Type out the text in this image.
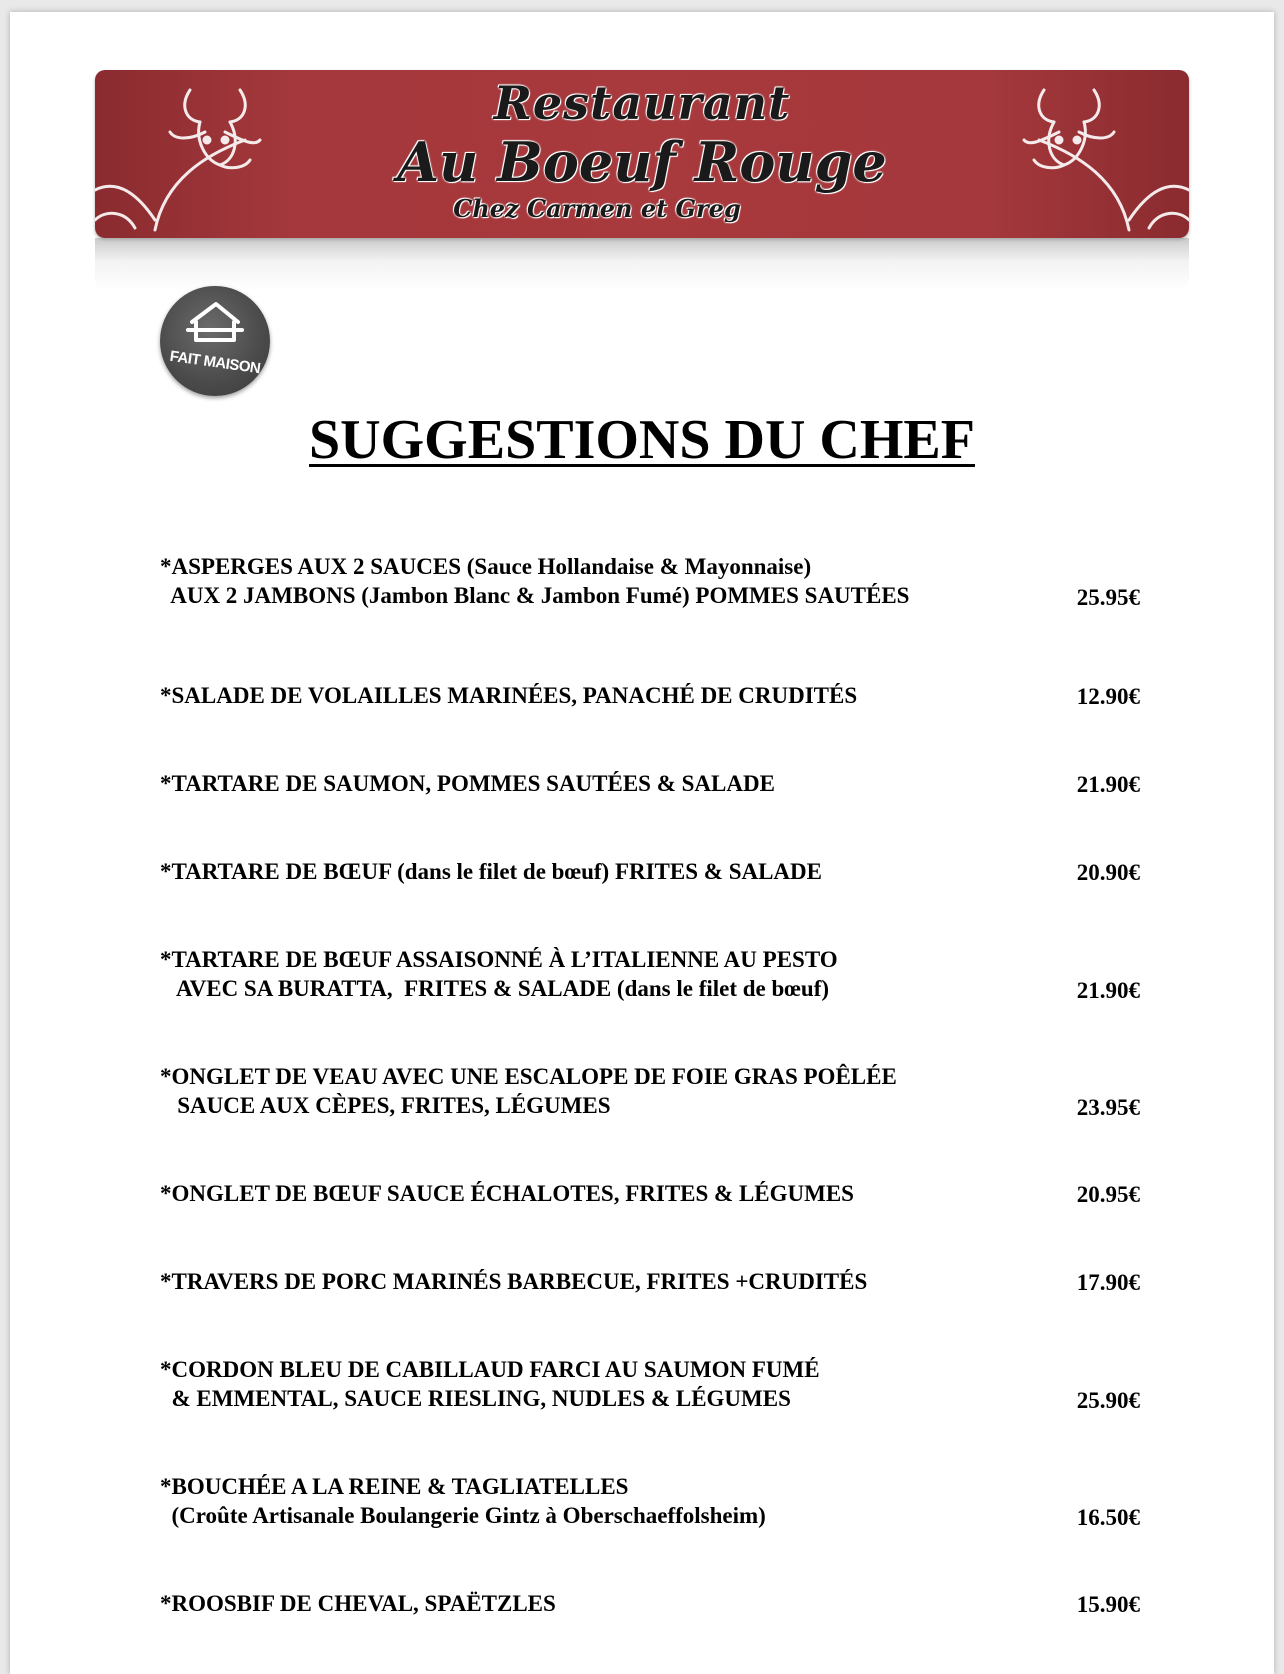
Restaurant
Au Boeuf Rouge
Chez Carmen et Greg
FAIT MAISON
SUGGESTIONS DU CHEF
*ASPERGES AUX 2 SAUCES (Sauce Hollandaise & Mayonnaise)
AUX 2 JAMBONS (Jambon Blanc & Jambon Fumé) POMMES SAUTÉES	25.95€
*SALADE DE VOLAILLES MARINÉES, PANACHÉ DE CRUDITÉS	12.90€
*TARTARE DE SAUMON, POMMES SAUTÉES & SALADE	21.90€
*TARTARE DE BŒUF (dans le filet de bœuf) FRITES & SALADE	20.90€
*TARTARE DE BŒUF ASSAISONNÉ À L’ITALIENNE AU PESTO
AVEC SA BURATTA,  FRITES & SALADE (dans le filet de bœuf)	21.90€
*ONGLET DE VEAU AVEC UNE ESCALOPE DE FOIE GRAS POÊLÉE
SAUCE AUX CÈPES, FRITES, LÉGUMES	23.95€
*ONGLET DE BŒUF SAUCE ÉCHALOTES, FRITES & LÉGUMES	20.95€
*TRAVERS DE PORC MARINÉS BARBECUE, FRITES +CRUDITÉS	17.90€
*CORDON BLEU DE CABILLAUD FARCI AU SAUMON FUMÉ
& EMMENTAL, SAUCE RIESLING, NUDLES & LÉGUMES	25.90€
*BOUCHÉE A LA REINE & TAGLIATELLES
(Croûte Artisanale Boulangerie Gintz à Oberschaeffolsheim)	16.50€
*ROOSBIF DE CHEVAL, SPAËTZLES	15.90€
